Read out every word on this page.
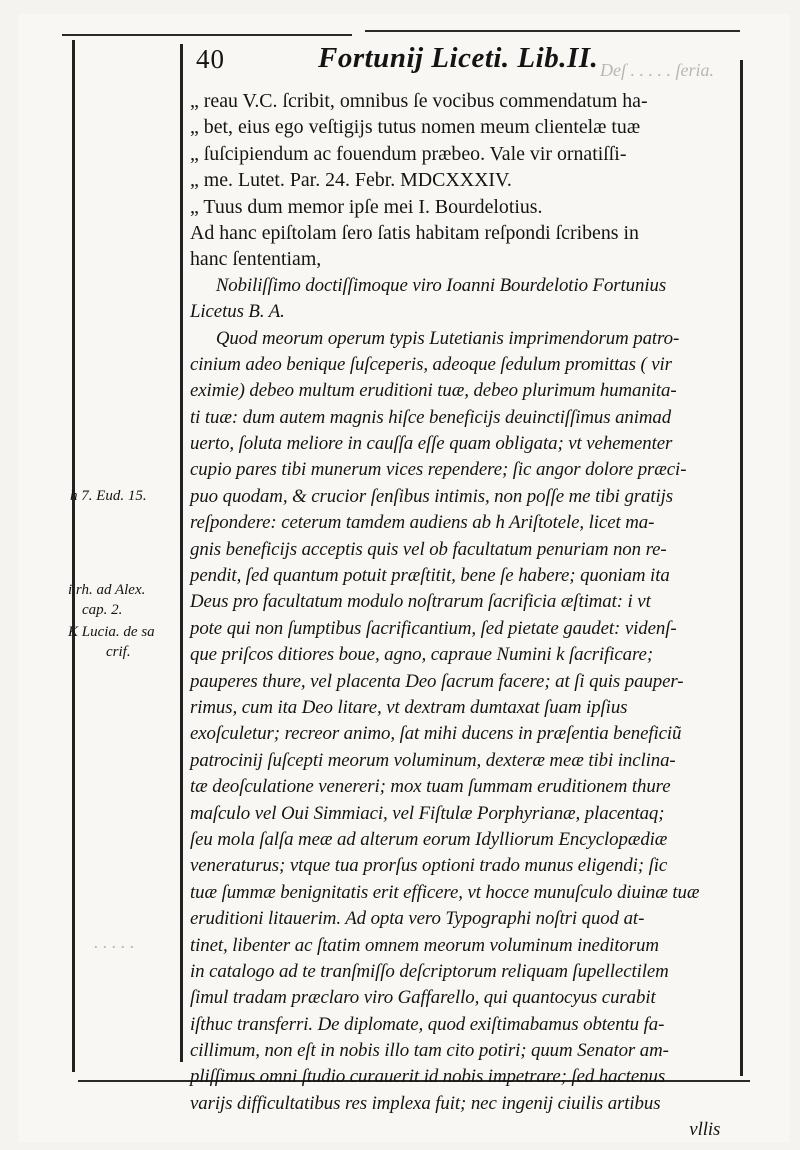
Deſ . . . . . ſeria.
. . . . .
40	Fortunij Liceti. Lib.II.
h 7. Eud. 15.
i rh. ad Alex.
cap. 2.
K Lucia. de sa
crif.
„ reau V.C. ſcribit, omnibus ſe vocibus commendatum ha-
„ bet, eius ego veſtigijs tutus nomen meum clientelæ tuæ
„ ſuſcipiendum ac fouendum præbeo. Vale vir ornatiſſi-
„ me. Lutet. Par. 24. Febr. MDCXXXIV.
„ Tuus dum memor ipſe mei I. Bourdelotius.
Ad hanc epiſtolam ſero ſatis habitam reſpondi ſcribens in
hanc ſententiam,
Nobiliſſimo doctiſſimoque viro Ioanni Bourdelotio Fortunius
Licetus B. A.
Quod meorum operum typis Lutetianis imprimendorum patro-
cinium adeo benique ſuſceperis, adeoque ſedulum promittas ( vir
eximie) debeo multum eruditioni tuæ, debeo plurimum humanita-
ti tuæ: dum autem magnis hiſce beneficijs deuinctiſſimus animad
uerto, ſoluta meliore in cauſſa eſſe quam obligata; vt vehementer
cupio pares tibi munerum vices rependere; ſic angor dolore præci-
puo quodam, & crucior ſenſibus intimis, non poſſe me tibi gratijs
reſpondere: ceterum tamdem audiens ab h Ariſtotele, licet ma-
gnis beneficijs acceptis quis vel ob facultatum penuriam non re-
pendit, ſed quantum potuit præſtitit, bene ſe habere; quoniam ita
Deus pro facultatum modulo noſtrarum ſacrificia æſtimat: i vt
pote qui non ſumptibus ſacrificantium, ſed pietate gaudet: videnſ-
que priſcos ditiores boue, agno, capraue Numini k ſacrificare;
pauperes thure, vel placenta Deo ſacrum facere; at ſi quis pauper-
rimus, cum ita Deo litare, vt dextram dumtaxat ſuam ipſius
exoſculetur; recreor animo, ſat mihi ducens in præſentia beneficiũ
patrocinij ſuſcepti meorum voluminum, dexteræ meæ tibi inclina-
tæ deoſculatione venereri; mox tuam ſummam eruditionem thure
maſculo vel Oui Simmiaci, vel Fiſtulæ Porphyrianæ, placentaq;
ſeu mola ſalſa meæ ad alterum eorum Idylliorum Encyclopædiæ
veneraturus; vtque tua prorſus optioni trado munus eligendi; ſic
tuæ ſummæ benignitatis erit efficere, vt hocce munuſculo diuinæ tuæ
eruditioni litauerim. Ad opta vero Typographi noſtri quod at-
tinet, libenter ac ſtatim omnem meorum voluminum ineditorum
in catalogo ad te tranſmiſſo deſcriptorum reliquam ſupellectilem
ſimul tradam præclaro viro Gaffarello, qui quantocyus curabit
iſthuc transferri. De diplomate, quod exiſtimabamus obtentu fa-
cillimum, non eſt in nobis illo tam cito potiri; quum Senator am-
pliſſimus omni ſtudio curauerit id nobis impetrare; ſed hactenus
varijs difficultatibus res implexa fuit; nec ingenij ciuilis artibus
vllis
